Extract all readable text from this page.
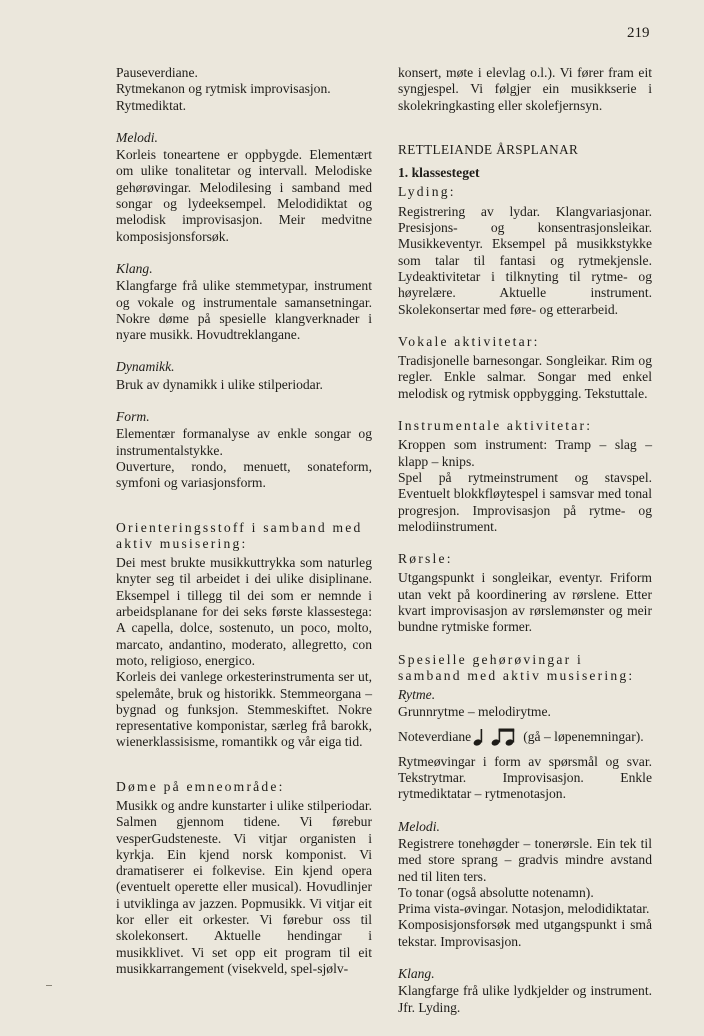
219
Pauseverdiane.
Rytmekanon og rytmisk improvisasjon.
Rytmediktat.
Melodi.

Korleis toneartene er oppbygde. Elementært om ulike tonalitetar og intervall. Melodiske gehørøvingar. Melodilesing i samband med songar og lydeeksempel. Melodidiktat og melodisk improvisasjon. Meir medvitne komposisjonsforsøk.

Klang.

Klangfarge frå ulike stemmetypar, instrument og vokale og instrumentale samansetningar. Nokre døme på spesielle klangverknader i nyare musikk. Hovudtreklangane.

Dynamikk.

Bruk av dynamikk i ulike stilperiodar.

Form.

Elementær formanalyse av enkle songar og instrumentalstykke.

Ouverture, rondo, menuett, sonateform, symfoni og variasjonsform.

Orienteringsstoff i samband med
aktiv musisering:

Dei mest brukte musikkuttrykka som naturleg knyter seg til arbeidet i dei ulike disiplinane. Eksempel i tillegg til dei som er nemnde i arbeidsplanane for dei seks første klassestega: A capella, dolce, sostenuto, un poco, molto, marcato, andantino, moderato, allegretto, con moto, religioso, energico.

Korleis dei vanlege orkesterinstrumenta ser ut, spelemåte, bruk og historikk. Stemmeorgana – bygnad og funksjon. Stemmeskiftet. Nokre representative komponistar, særleg frå barokk, wienerklassisisme, romantikk og vår eiga tid.

Døme på emneområde:

Musikk og andre kunstarter i ulike stilperiodar. Salmen gjennom tidene. Vi førebur vesperGudsteneste. Vi vitjar organisten i kyrkja. Ein kjend norsk komponist. Vi dramatiserer ei folkevise. Ein kjend opera (eventuelt operette eller musical). Hovudlinjer i utviklinga av jazzen. Popmusikk. Vi vitjar eit kor eller eit orkester. Vi førebur oss til skolekonsert. Aktuelle hendingar i musikklivet. Vi set opp eit program til eit musikkarrangement (visekveld, spel-sjølv-

konsert, møte i elevlag o.l.). Vi fører fram eit syngjespel. Vi følgjer ein musikkserie i skolekringkasting eller skolefjernsyn.

RETTLEIANDE ÅRSPLANAR
1. klassesteget
Lyding:

Registrering av lydar. Klangvariasjonar. Presisjons- og konsentrasjonsleikar. Musikkeventyr. Eksempel på musikkstykke som talar til fantasi og rytmekjensle. Lydeaktivitetar i tilknyting til rytme- og høyrelære. Aktuelle instrument. Skolekonsertar med føre- og etterarbeid.

Vokale aktivitetar:

Tradisjonelle barnesongar. Songleikar. Rim og regler. Enkle salmar. Songar med enkel melodisk og rytmisk oppbygging. Tekstuttale.

Instrumentale aktivitetar:

Kroppen som instrument: Tramp – slag – klapp – knips.

Spel på rytmeinstrument og stavspel. Eventuelt blokkfløytespel i samsvar med tonal progresjon. Improvisasjon på rytme- og melodiinstrument.

Rørsle:

Utgangspunkt i songleikar, eventyr. Friform utan vekt på koordinering av rørslene. Etter kvart improvisasjon av rørslemønster og meir bundne rytmiske former.

Spesielle gehørøvingar i
samband med aktiv musisering:
Rytme.
Grunnrytme – melodirytme.
Noteverdiane	(gå – løpenemningar).

Rytmeøvingar i form av spørsmål og svar. Tekstrytmar. Improvisasjon. Enkle rytmediktatar – rytmenotasjon.

Melodi.

Registrere tonehøgder – tonerørsle. Ein tek til med store sprang – gradvis mindre avstand ned til liten ters.

To tonar (også absolutte notenamn).

Prima vista-øvingar. Notasjon, melodidiktatar.

Komposisjonsforsøk med utgangspunkt i små tekstar. Improvisasjon.

Klang.

Klangfarge frå ulike lydkjelder og instrument. Jfr. Lyding.
